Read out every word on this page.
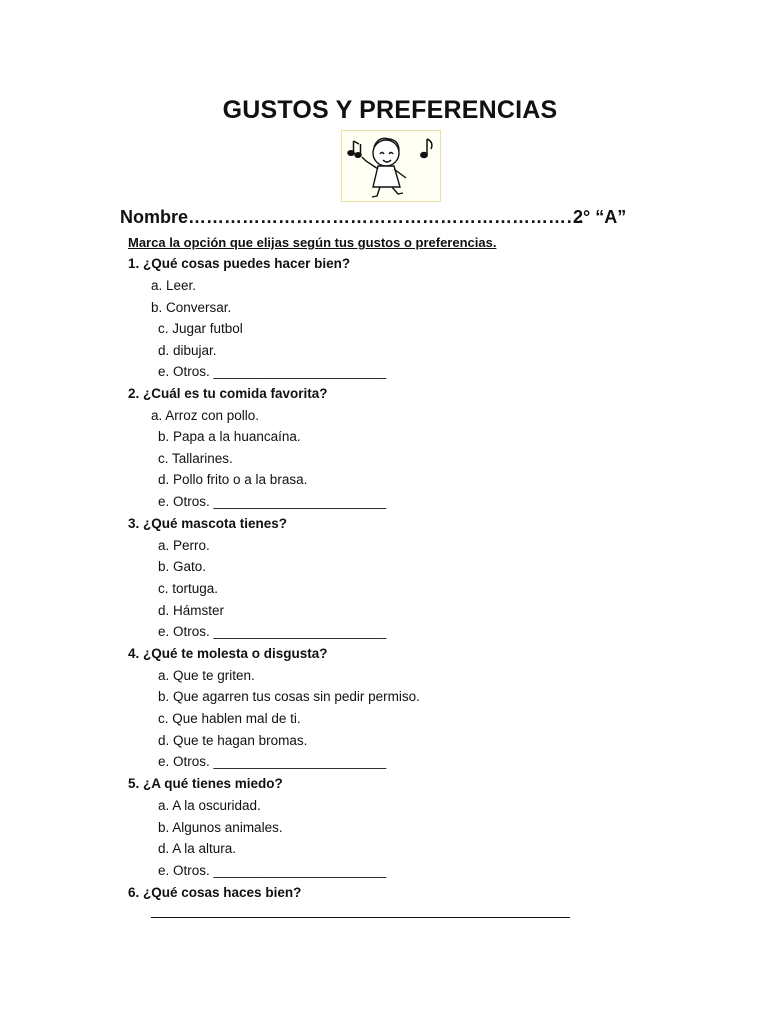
GUSTOS Y PREFERENCIAS
Nombre…………………………………………………………
2° “A”
Marca la opción que elijas según tus gustos o preferencias.
1. ¿Qué cosas puedes hacer bien?
a. Leer.
b. Conversar.
c. Jugar futbol
d. dibujar.
e. Otros. _______________________
2. ¿Cuál es tu comida favorita?
a. Arroz con pollo.
b. Papa a la huancaína.
c. Tallarines.
d. Pollo frito o a la brasa.
e. Otros. _______________________
3. ¿Qué mascota tienes?
a. Perro.
b. Gato.
c. tortuga.
d. Hámster
e. Otros. _______________________
4. ¿Qué te molesta o disgusta?
a. Que te griten.
b. Que agarren tus cosas sin pedir permiso.
c. Que hablen mal de ti.
d. Que te hagan bromas.
e. Otros. _______________________
5. ¿A qué tienes miedo?
a. A la oscuridad.
b. Algunos animales.
d. A la altura.
e. Otros. _______________________
6. ¿Qué cosas haces bien?
